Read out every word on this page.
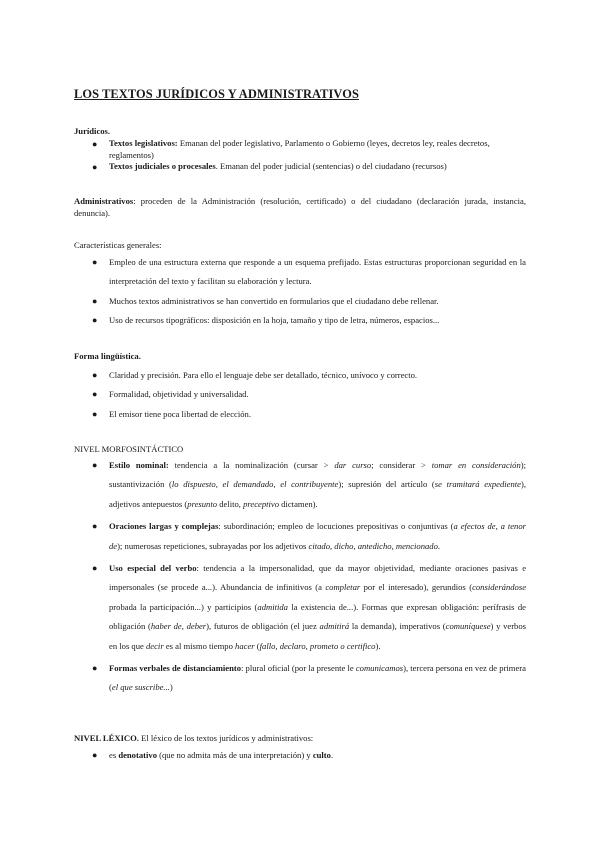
LOS TEXTOS JURÍDICOS Y ADMINISTRATIVOS
Jurídicos.
● Textos legislativos: Emanan del poder legislativo, Parlamento o Gobierno (leyes, decretos ley, reales decretos, reglamentos)
● Textos judiciales o procesales. Emanan del poder judicial (sentencias) o del ciudadano (recursos)
Administrativos: proceden de la Administración (resolución, certificado) o del ciudadano (declaración jurada, instancia, denuncia).
Características generales:
● Empleo de una estructura externa que responde a un esquema prefijado. Estas estructuras proporcionan seguridad en la interpretación del texto y facilitan su elaboración y lectura.
● Muchos textos administrativos se han convertido en formularios que el ciudadano debe rellenar.
● Uso de recursos tipográficos: disposición en la hoja, tamaño y tipo de letra, números, espacios...
Forma lingüística.
● Claridad y precisión. Para ello el lenguaje debe ser detallado, técnico, unívoco y correcto.
● Formalidad, objetividad y universalidad.
● El emisor tiene poca libertad de elección.
NIVEL MORFOSINTÁCTICO
● Estilo nominal: tendencia a la nominalización (cursar > dar curso; considerar > tomar en consideración); sustantivización (lo dispuesto, el demandado, el contribuyente); supresión del artículo (se tramitará expediente), adjetivos antepuestos (presunto delito, preceptivo dictamen).
● Oraciones largas y complejas: subordinación; empleo de locuciones prepositivas o conjuntivas (a efectos de, a tenor de); numerosas repeticiones, subrayadas por los adjetivos citado, dicho, antedicho, mencionado.
● Uso especial del verbo: tendencia a la impersonalidad, que da mayor objetividad, mediante oraciones pasivas e impersonales (se procede a...). Abundancia de infinitivos (a completar por el interesado), gerundios (considerándose probada la participación...) y participios (admitida la existencia de...). Formas que expresan obligación: perífrasis de obligación (haber de, deber), futuros de obligación (el juez admitirá la demanda), imperativos (comuníquese) y verbos en los que decir es al mismo tiempo hacer (fallo, declaro, prometo o certifico).
● Formas verbales de distanciamiento: plural oficial (por la presente le comunicamos), tercera persona en vez de primera (el que suscribe...)
NIVEL LÉXICO. El léxico de los textos jurídicos y administrativos:
● es denotativo (que no admita más de una interpretación) y culto.
